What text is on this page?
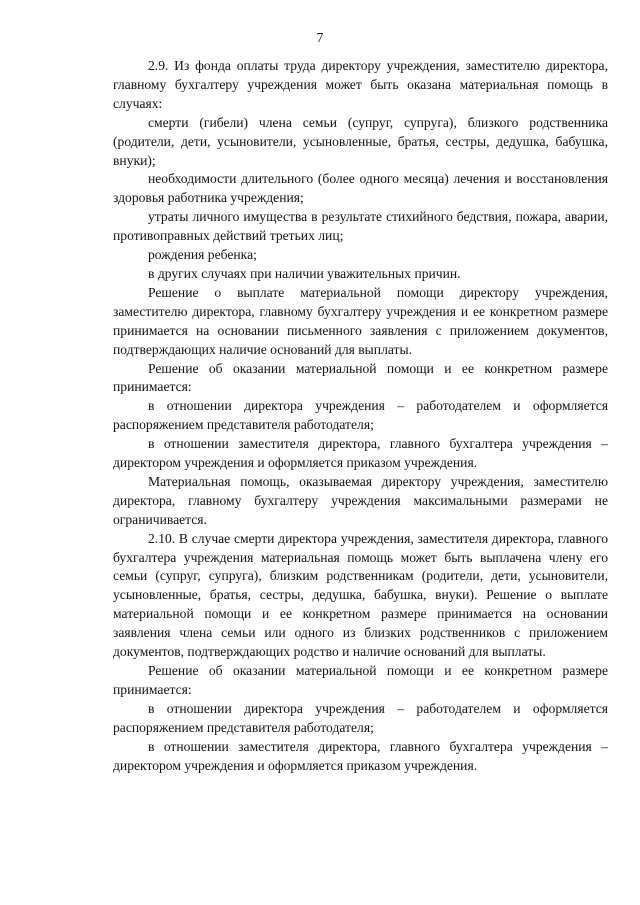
7

2.9. Из фонда оплаты труда директору учреждения, заместителю директора, главному бухгалтеру учреждения может быть оказана материальная помощь в случаях:

смерти (гибели) члена семьи (супруг, супруга), близкого родственника (родители, дети, усыновители, усыновленные, братья, сестры, дедушка, бабушка, внуки);

необходимости длительного (более одного месяца) лечения и восстановления здоровья работника учреждения;

утраты личного имущества в результате стихийного бедствия, пожара, аварии, противоправных действий третьих лиц;

рождения ребенка;

в других случаях при наличии уважительных причин.

Решение о выплате материальной помощи директору учреждения, заместителю директора, главному бухгалтеру учреждения и ее конкретном размере принимается на основании письменного заявления с приложением документов, подтверждающих наличие оснований для выплаты.

Решение об оказании материальной помощи и ее конкретном размере принимается:

в отношении директора учреждения – работодателем и оформляется распоряжением представителя работодателя;

в отношении заместителя директора, главного бухгалтера учреждения – директором учреждения и оформляется приказом учреждения.

Материальная помощь, оказываемая директору учреждения, заместителю директора, главному бухгалтеру учреждения максимальными размерами не ограничивается.

2.10. В случае смерти директора учреждения, заместителя директора, главного бухгалтера учреждения материальная помощь может быть выплачена члену его семьи (супруг, супруга), близким родственникам (родители, дети, усыновители, усыновленные, братья, сестры, дедушка, бабушка, внуки). Решение о выплате материальной помощи и ее конкретном размере принимается на основании заявления члена семьи или одного из близких родственников с приложением документов, подтверждающих родство и наличие оснований для выплаты.

Решение об оказании материальной помощи и ее конкретном размере принимается:

в отношении директора учреждения – работодателем и оформляется распоряжением представителя работодателя;

в отношении заместителя директора, главного бухгалтера учреждения – директором учреждения и оформляется приказом учреждения.
